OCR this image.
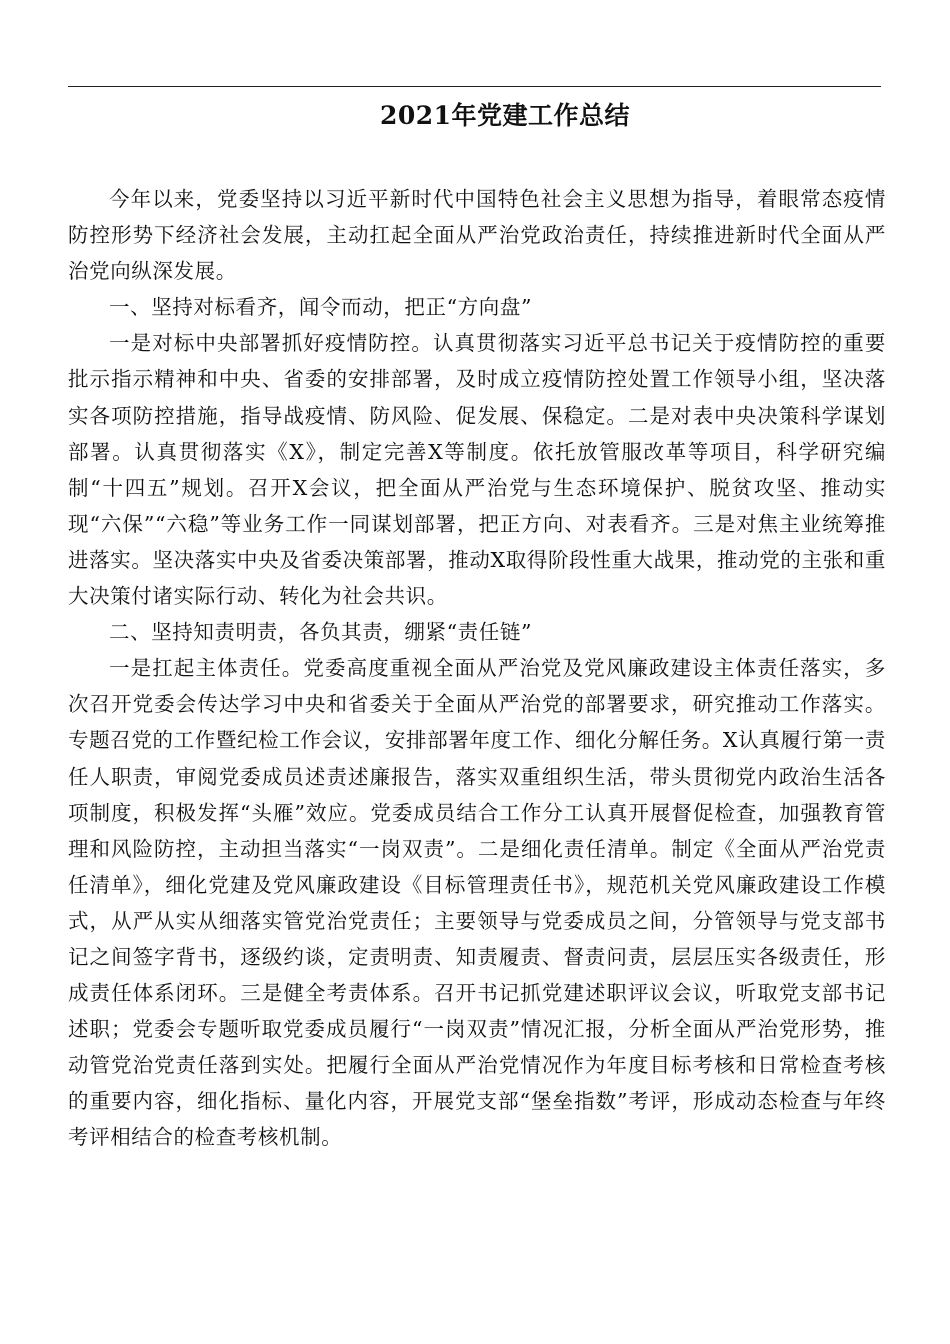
2021年党建工作总结

今年以来，党委坚持以习近平新时代中国特色社会主义思想为指导，着眼常态疫情防控形势下经济社会发展，主动扛起全面从严治党政治责任，持续推进新时代全面从严治党向纵深发展。

一、坚持对标看齐，闻令而动，把正“方向盘”

一是对标中央部署抓好疫情防控。认真贯彻落实习近平总书记关于疫情防控的重要批示指示精神和中央、省委的安排部署，及时成立疫情防控处置工作领导小组，坚决落实各项防控措施，指导战疫情、防风险、促发展、保稳定。二是对表中央决策科学谋划部署。认真贯彻落实《X》，制定完善X等制度。依托放管服改革等项目，科学研究编制“十四五”规划。召开X会议，把全面从严治党与生态环境保护、脱贫攻坚、推动实现“六保”“六稳”等业务工作一同谋划部署，把正方向、对表看齐。三是对焦主业统筹推进落实。坚决落实中央及省委决策部署，推动X取得阶段性重大战果，推动党的主张和重大决策付诸实际行动、转化为社会共识。

二、坚持知责明责，各负其责，绷紧“责任链”

一是扛起主体责任。党委高度重视全面从严治党及党风廉政建设主体责任落实，多次召开党委会传达学习中央和省委关于全面从严治党的部署要求，研究推动工作落实。专题召党的工作暨纪检工作会议，安排部署年度工作、细化分解任务。X认真履行第一责任人职责，审阅党委成员述责述廉报告，落实双重组织生活，带头贯彻党内政治生活各项制度，积极发挥“头雁”效应。党委成员结合工作分工认真开展督促检查，加强教育管理和风险防控，主动担当落实“一岗双责”。二是细化责任清单。制定《全面从严治党责任清单》，细化党建及党风廉政建设《目标管理责任书》，规范机关党风廉政建设工作模式，从严从实从细落实管党治党责任；主要领导与党委成员之间，分管领导与党支部书记之间签字背书，逐级约谈，定责明责、知责履责、督责问责，层层压实各级责任，形成责任体系闭环。三是健全考责体系。召开书记抓党建述职评议会议，听取党支部书记述职；党委会专题听取党委成员履行“一岗双责”情况汇报，分析全面从严治党形势，推动管党治党责任落到实处。把履行全面从严治党情况作为年度目标考核和日常检查考核的重要内容，细化指标、量化内容，开展党支部“堡垒指数”考评，形成动态检查与年终考评相结合的检查考核机制。
